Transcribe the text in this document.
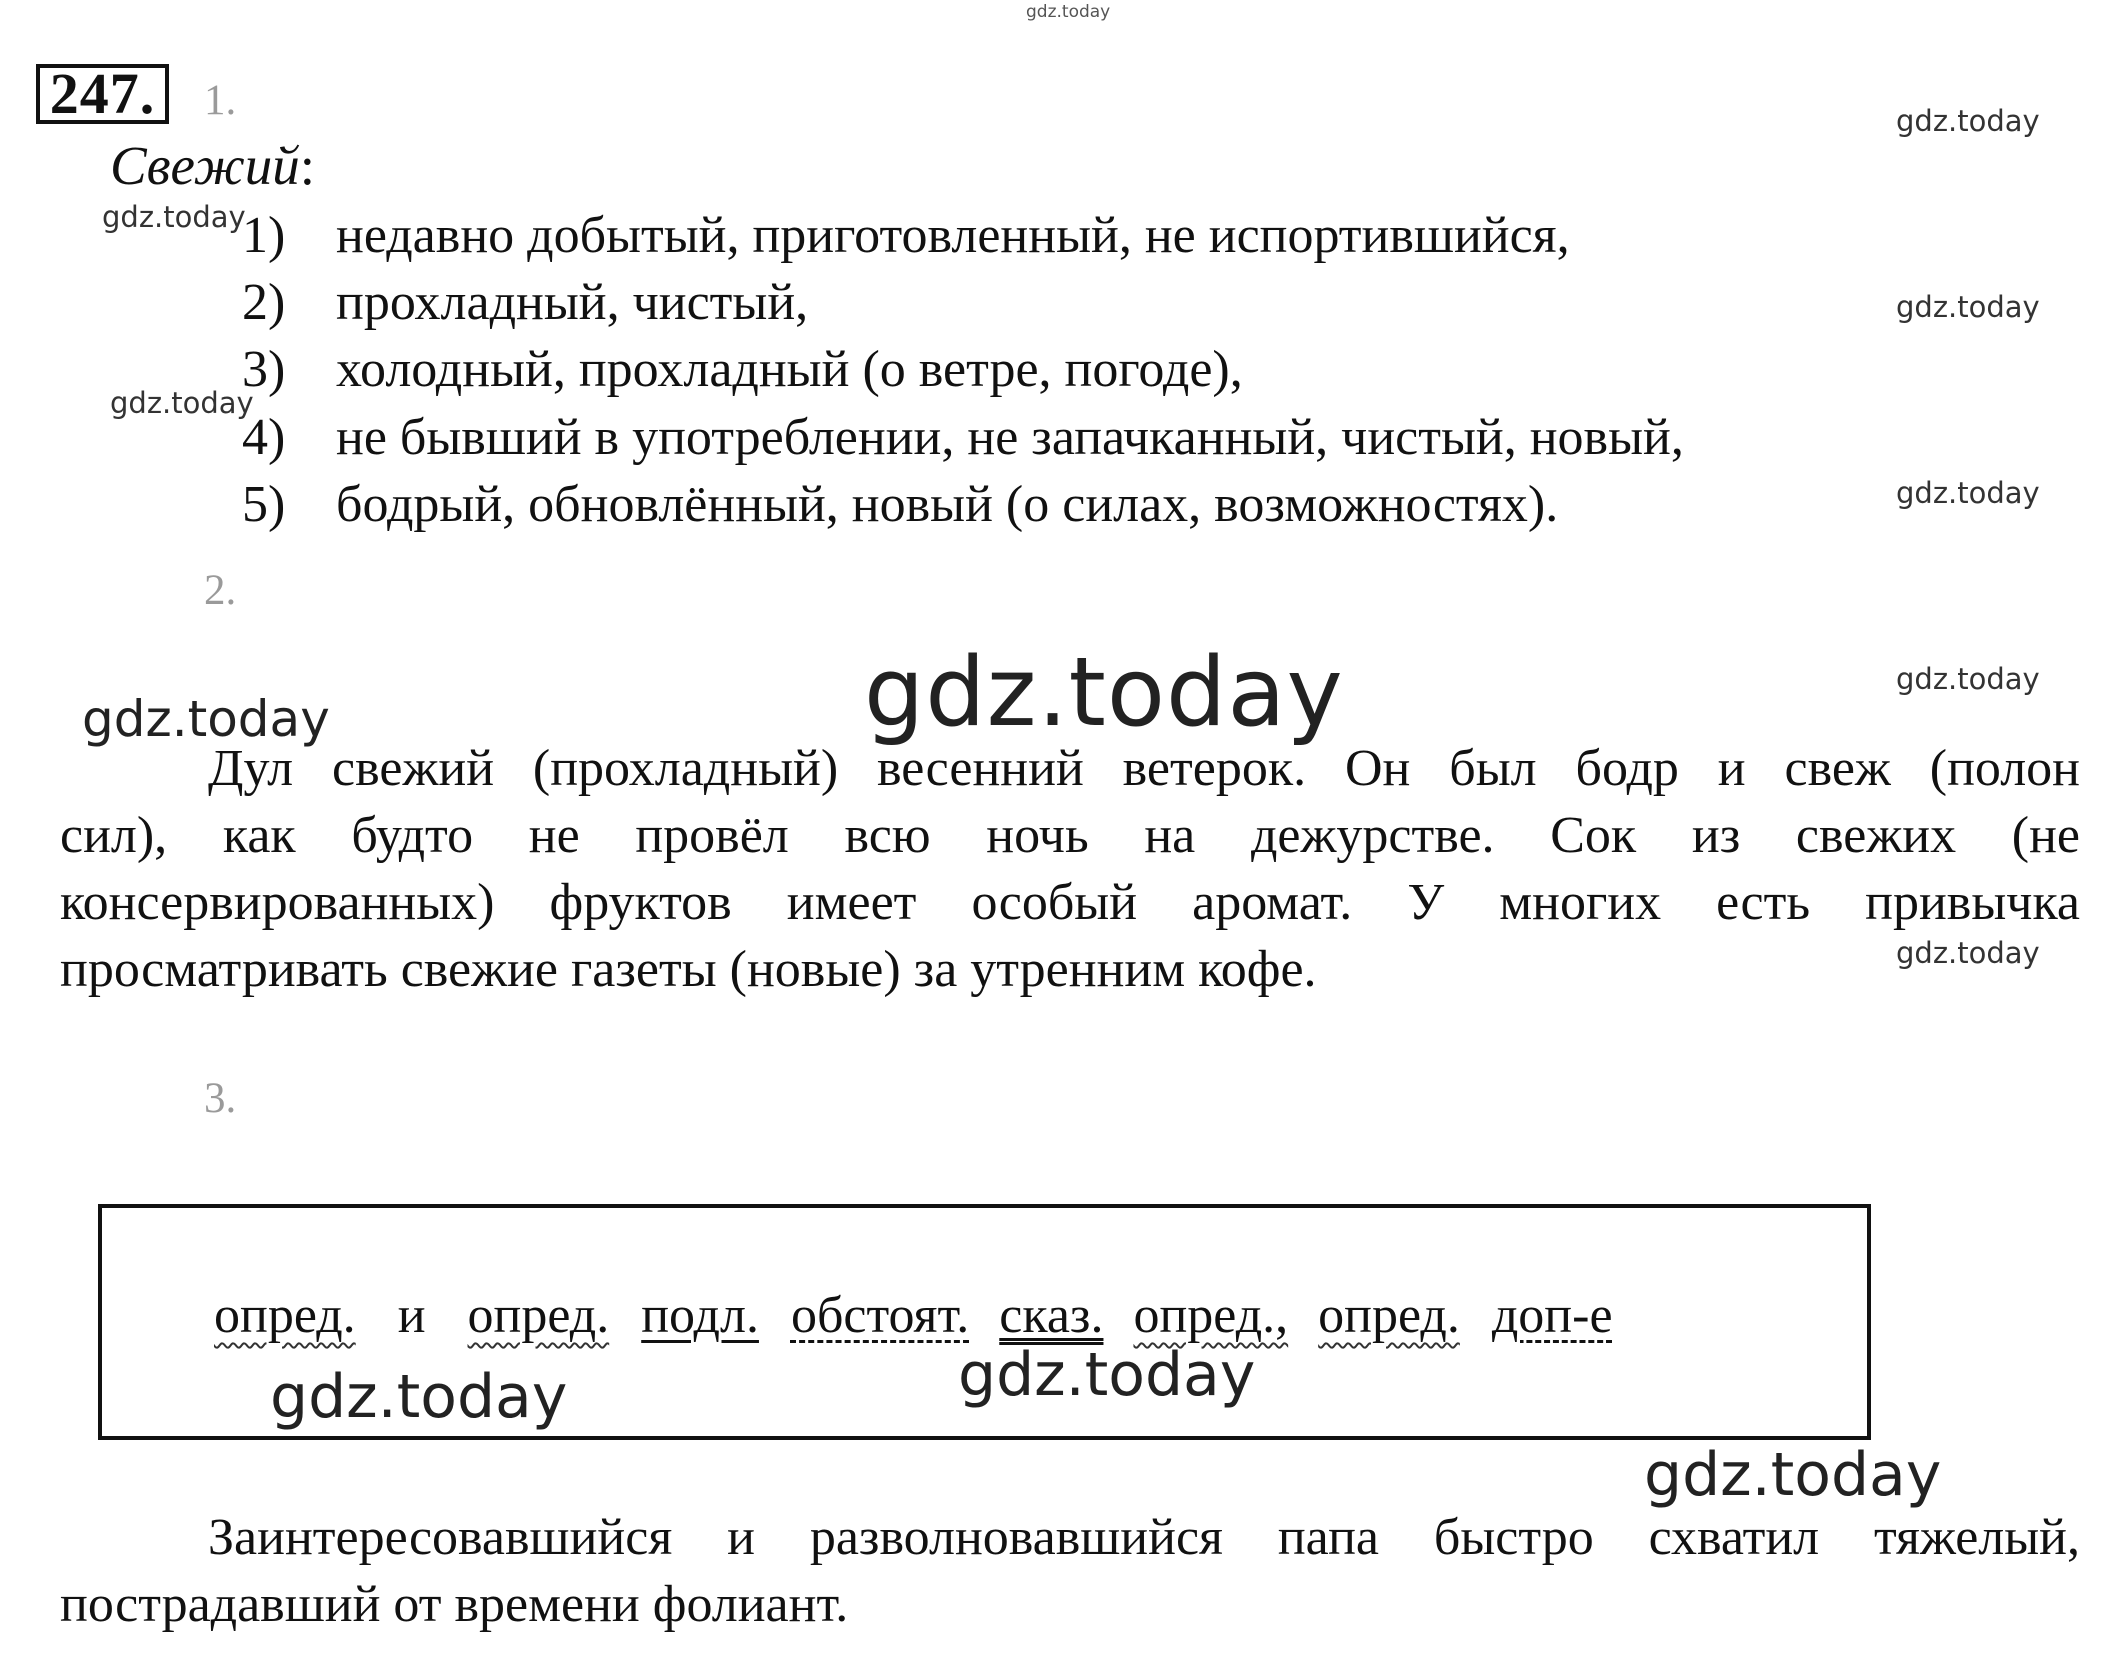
gdz.today
gdz.today
gdz.today
gdz.today
gdz.today
gdz.today
gdz.today
gdz.today
gdz.today
gdz.today
247.	1.
Свежий:
1) недавно добытый, приготовленный, не испортившийся,
2) прохладный, чистый,
3) холодный, прохладный (о ветре, погоде),
4) не бывший в употреблении, не запачканный, чистый, новый,
5) бодрый, обновлённый, новый (о силах, возможностях).
2.
Дул свежий (прохладный) весенний ветерок. Он был бодр и свеж (полон
сил), как будто не провёл всю ночь на дежурстве. Сок из свежих (не
консервированных) фруктов имеет особый аромат. У многих есть привычка
просматривать свежие газеты (новые) за утренним кофе.
3.
опред. и опред. подл. обстоят. сказ. опред., опред. доп-е
gdz.today	gdz.today
gdz.today
Заинтересовавшийся и разволновавшийся папа быстро схватил тяжелый,
пострадавший от времени фолиант.
